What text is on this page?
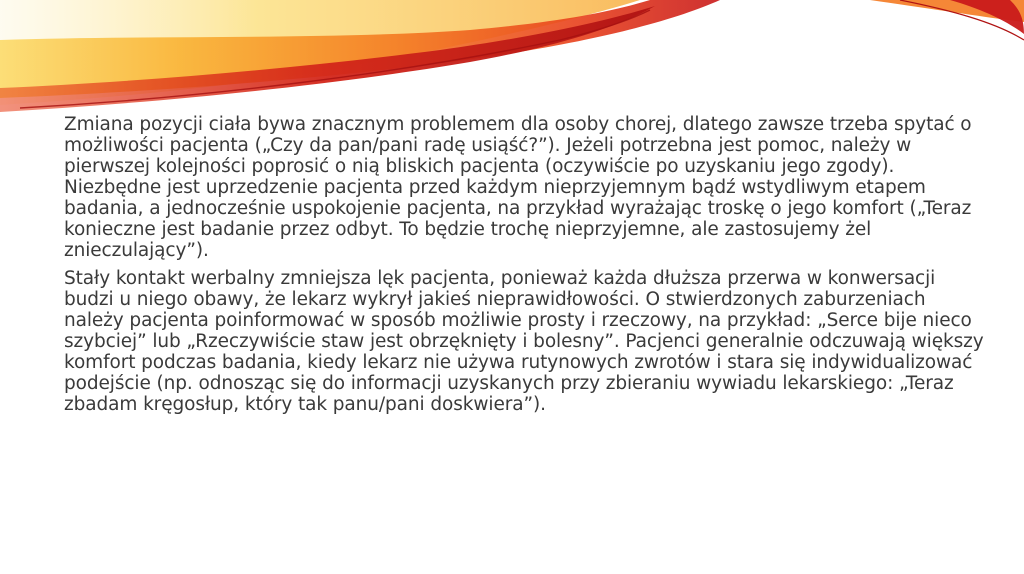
Zmiana pozycji ciała bywa znacznym problemem dla osoby chorej, dlatego zawsze trzeba spytać o możliwości pacjenta („Czy da pan/pani radę usiąść?”). Jeżeli potrzebna jest pomoc, należy w pierwszej kolejności poprosić o nią bliskich pacjenta (oczywiście po uzyskaniu jego zgody). Niezbędne jest uprzedzenie pacjenta przed każdym nieprzyjemnym bądź wstydliwym etapem badania, a jednocześnie uspokojenie pacjenta, na przykład wyrażając troskę o jego komfort („Teraz konieczne jest badanie przez odbyt. To będzie trochę nieprzyjemne, ale zastosujemy żel znieczulający”).

Stały kontakt werbalny zmniejsza lęk pacjenta, ponieważ każda dłuższa przerwa w konwersacji budzi u niego obawy, że lekarz wykrył jakieś nieprawidłowości. O stwierdzonych zaburzeniach należy pacjenta poinformować w sposób możliwie prosty i rzeczowy, na przykład: „Serce bije nieco szybciej” lub „Rzeczywiście staw jest obrzęknięty i bolesny”. Pacjenci generalnie odczuwają większy komfort podczas badania, kiedy lekarz nie używa rutynowych zwrotów i stara się indywidualizować podejście (np. odnosząc się do informacji uzyskanych przy zbieraniu wywiadu lekarskiego: „Teraz zbadam kręgosłup, który tak panu/pani doskwiera”).
